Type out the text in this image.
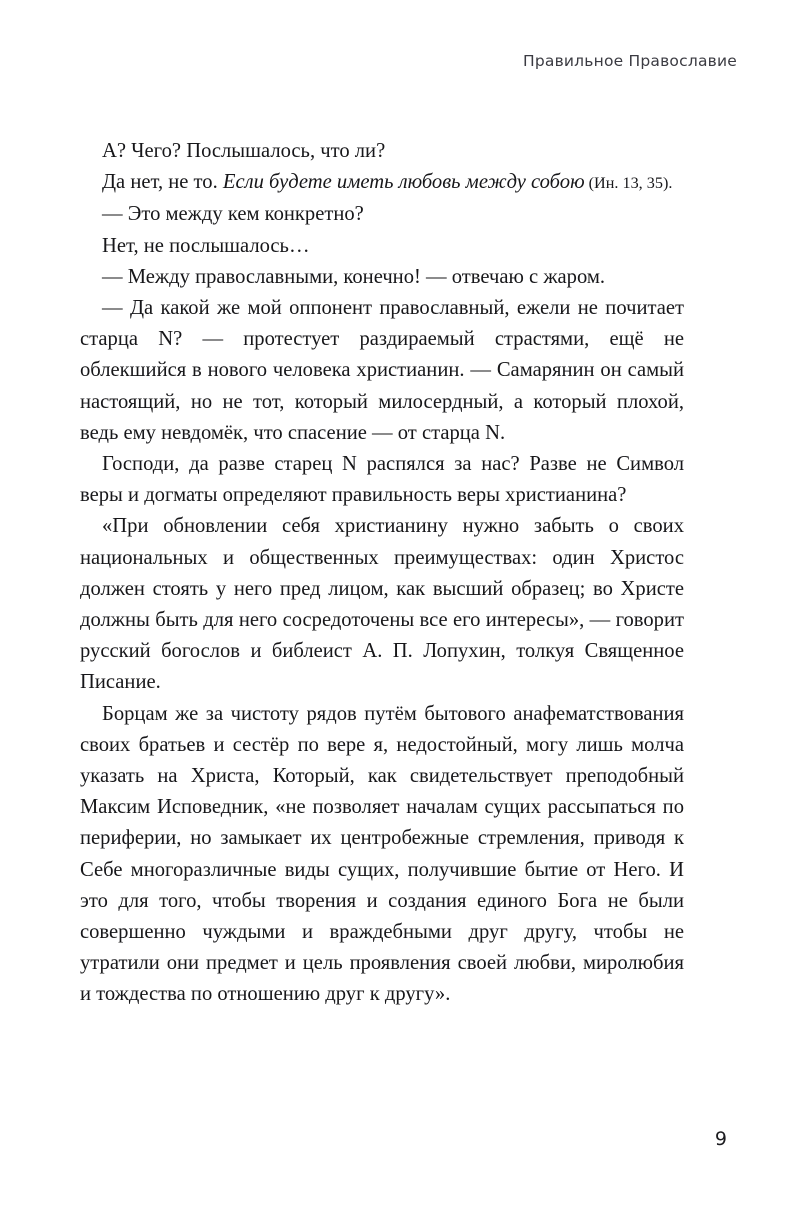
Правильное Православие

А? Чего? Послышалось, что ли?

Да нет, не то. Если будете иметь любовь между собою (Ин. 13, 35).

— Это между кем конкретно?

Нет, не послышалось…

— Между православными, конечно! — отвечаю с жаром.

— Да какой же мой оппонент православный, ежели не почитает старца N? — протестует раздираемый страстями, ещё не облекшийся в нового человека христианин. — Самарянин он самый настоящий, но не тот, который милосердный, а который плохой, ведь ему невдомёк, что спасение — от старца N.

Господи, да разве старец N распялся за нас? Разве не Символ веры и догматы определяют правильность веры христианина?

«При обновлении себя христианину нужно забыть о своих национальных и общественных преимуществах: один Христос должен стоять у него пред лицом, как высший образец; во Христе должны быть для него сосредоточены все его интересы», — говорит русский богослов и библеист А. П. Лопухин, толкуя Священное Писание.

Борцам же за чистоту рядов путём бытового анафематствования своих братьев и сестёр по вере я, недостойный, могу лишь молча указать на Христа, Который, как свидетельствует преподобный Максим Исповедник, «не позволяет началам сущих рассыпаться по периферии, но замыкает их центробежные стремления, приводя к Себе многоразличные виды сущих, получившие бытие от Него. И это для того, чтобы творения и создания единого Бога не были совершенно чуждыми и враждебными друг другу, чтобы не утратили они предмет и цель проявления своей любви, миролюбия и тождества по отношению друг к другу».

9
